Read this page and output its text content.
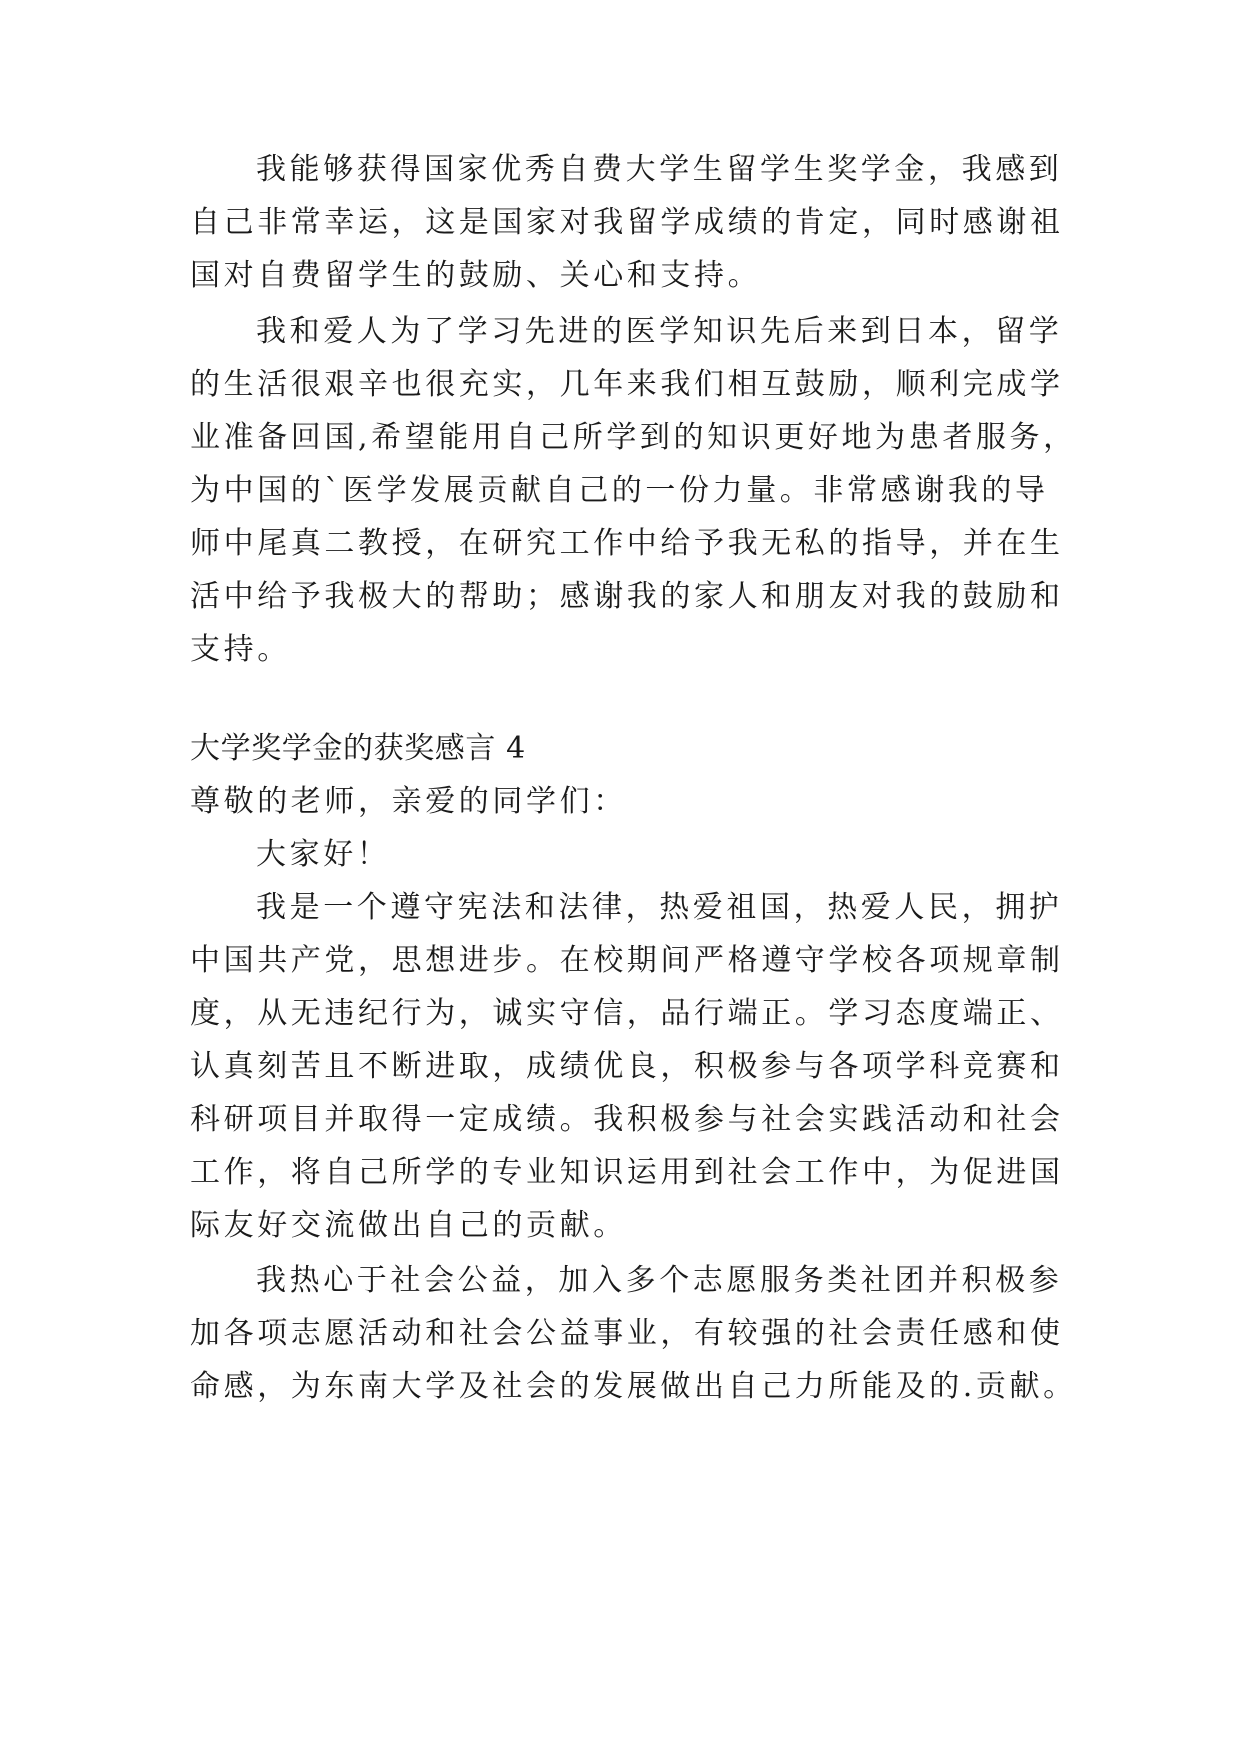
我能够获得国家优秀自费大学生留学生奖学金，我感到
自己非常幸运，这是国家对我留学成绩的肯定，同时感谢祖
国对自费留学生的鼓励、关心和支持。
我和爱人为了学习先进的医学知识先后来到日本，留学
的生活很艰辛也很充实，几年来我们相互鼓励，顺利完成学
业准备回国,希望能用自己所学到的知识更好地为患者服务，
为中国的`医学发展贡献自己的一份力量。非常感谢我的导
师中尾真二教授，在研究工作中给予我无私的指导，并在生
活中给予我极大的帮助；感谢我的家人和朋友对我的鼓励和
支持。
大学奖学金的获奖感言 4
尊敬的老师，亲爱的同学们：
大家好！
我是一个遵守宪法和法律，热爱祖国，热爱人民，拥护
中国共产党，思想进步。在校期间严格遵守学校各项规章制
度，从无违纪行为，诚实守信，品行端正。学习态度端正、
认真刻苦且不断进取，成绩优良，积极参与各项学科竞赛和
科研项目并取得一定成绩。我积极参与社会实践活动和社会
工作，将自己所学的专业知识运用到社会工作中，为促进国
际友好交流做出自己的贡献。
我热心于社会公益，加入多个志愿服务类社团并积极参
加各项志愿活动和社会公益事业，有较强的社会责任感和使
命感，为东南大学及社会的发展做出自己力所能及的.贡献。
